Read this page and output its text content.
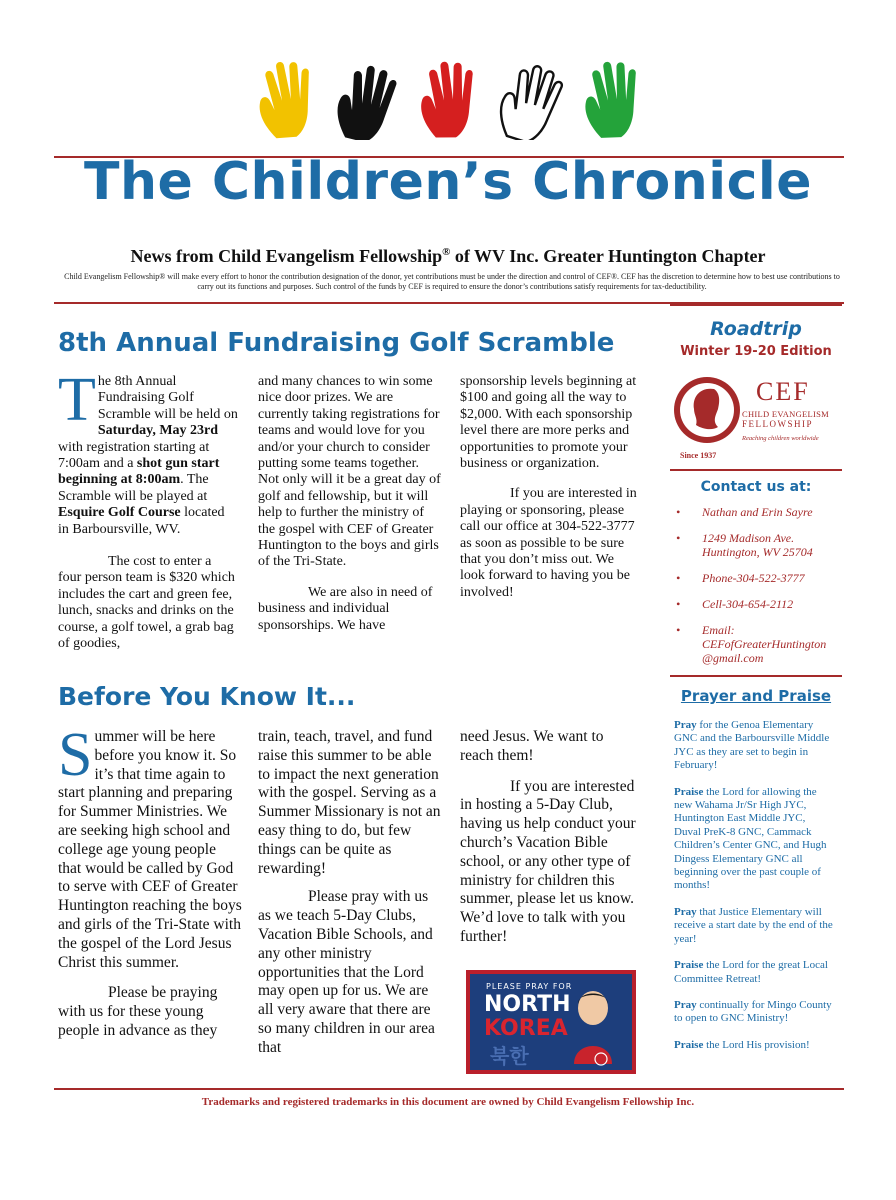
The Children’s Chronicle
News from Child Evangelism Fellowship® of WV Inc. Greater Huntington Chapter
Child Evangelism Fellowship® will make every effort to honor the contribution designation of the donor, yet contributions must be under the direction and control of CEF®. CEF has the discretion to determine how to best use contributions to carry out its functions and purposes. Such control of the funds by CEF is required to ensure the donor’s contributions satisfy requirements for tax-deductibility.
8th Annual Fundraising Golf Scramble

The 8th Annual Fundraising Golf Scramble will be held on Saturday, May 23rd with registration starting at 7:00am and a shot gun start beginning at 8:00am. The Scramble will be played at Esquire Golf Course located in Barboursville, WV.

The cost to enter a four person team is $320 which includes the cart and green fee, lunch, snacks and drinks on the course, a golf towel, a grab bag of goodies,

and many chances to win some nice door prizes. We are currently taking registrations for teams and would love for you and/or your church to consider putting some teams together. Not only will it be a great day of golf and fellowship, but it will help to further the ministry of the gospel with CEF of Greater Huntington to the boys and girls of the Tri-State.

We are also in need of business and individual sponsorships. We have

sponsorship levels beginning at $100 and going all the way to $2,000. With each sponsorship level there are more perks and opportunities to promote your business or organization.

If you are interested in playing or sponsoring, please call our office at 304-522-3777 as soon as possible to be sure that you don’t miss out. We look forward to having you be involved!

Before You Know It...

Summer will be here before you know it. So it’s that time again to start planning and preparing for Summer Ministries. We are seeking high school and college age young people that would be called by God to serve with CEF of Greater Huntington reaching the boys and girls of the Tri-State with the gospel of the Lord Jesus Christ this summer.

Please be praying with us for these young people in advance as they

train, teach, travel, and fund raise this summer to be able to impact the next generation with the gospel. Serving as a Summer Missionary is not an easy thing to do, but few things can be quite as rewarding!

Please pray with us as we teach 5-Day Clubs, Vacation Bible Schools, and any other ministry opportunities that the Lord may open up for us. We are all very aware that there are so many children in our area that

need Jesus. We want to reach them!

If you are interested in hosting a 5-Day Club, having us help conduct your church’s Vacation Bible school, or any other type of ministry for children this summer, please let us know. We’d love to talk with you further!

PLEASE PRAY FOR
NORTH
KOREA
북한
Roadtrip
Winter 19-20 Edition
CEF
CHILD EVANGELISM
FELLOWSHIP
Since 1937
Reaching children worldwide
Contact us at:
• Nathan and Erin Sayre
• 1249 Madison Ave. Huntington, WV 25704
• Phone-304-522-3777
• Cell-304-654-2112
• Email: CEFofGreaterHuntington @gmail.com
Prayer and Praise

Pray for the Genoa Elementary GNC and the Barboursville Middle JYC as they are set to begin in February!

Praise the Lord for allowing the new Wahama Jr/Sr High JYC, Huntington East Middle JYC, Duval PreK-8 GNC, Cammack Children’s Center GNC, and Hugh Dingess Elementary GNC all beginning over the past couple of months!

Pray that Justice Elementary will receive a start date by the end of the year!

Praise the Lord for the great Local Committee Retreat!

Pray continually for Mingo County to open to GNC Ministry!

Praise the Lord His provision!

Trademarks and registered trademarks in this document are owned by Child Evangelism Fellowship Inc.
